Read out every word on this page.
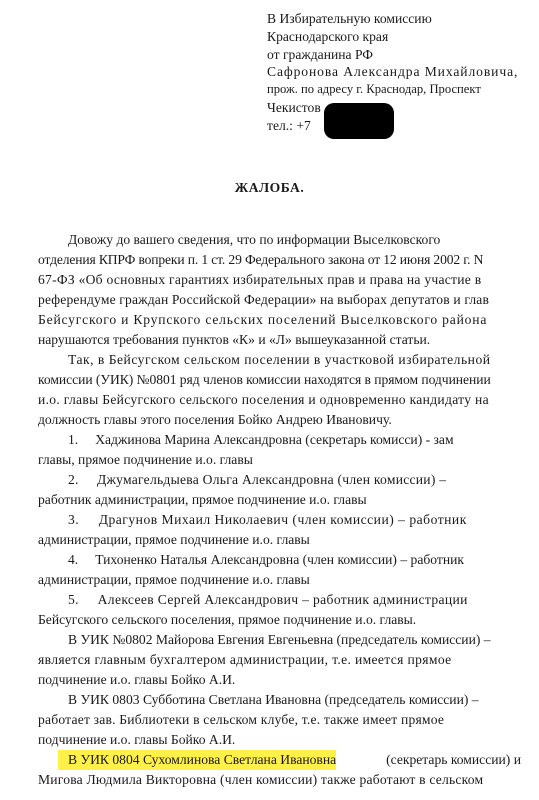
В Избирательную комиссию
Краснодарского края
от гражданина РФ
Сафронова Александра Михайловича,
прож. по адресу г. Краснодар, Проспект
Чекистов
тел.: +7
ЖАЛОБА.
Довожу до вашего сведения, что по информации Выселковского
отделения КПРФ вопреки п. 1 ст. 29 Федерального закона от 12 июня 2002 г. N
67-ФЗ «Об основных гарантиях избирательных прав и права на участие в
референдуме граждан Российской Федерации» на выборах депутатов и глав
Бейсугского и Крупского сельских поселений Выселковского района
нарушаются требования пунктов «К» и «Л» вышеуказанной статьи.
Так, в Бейсугском сельском поселении в участковой избирательной
комиссии (УИК) №0801 ряд членов комиссии находятся в прямом подчинении
и.о. главы Бейсугского сельского поселения и одновременно кандидату на
должность главы этого поселения Бойко Андрею Ивановичу.
1.     Хаджинова Марина Александровна (секретарь комисси) - зам
главы, прямое подчинение и.о. главы
2.     Джумагельдыева Ольга Александровна (член комиссии) –
работник администрации, прямое подчинение и.о. главы
3.     Драгунов Михаил Николаевич (член комиссии) – работник
администрации, прямое подчинение и.о. главы
4.     Тихоненко Наталья Александровна (член комиссии) – работник
администрации, прямое подчинение и.о. главы
5.     Алексеев Сергей Александрович – работник администрации
Бейсугского сельского поселения, прямое подчинение и.о. главы.
В УИК №0802 Майорова Евгения Евгеньевна (председатель комиссии) –
является главным бухгалтером администрации, т.е. имеется прямое
подчинение и.о. главы Бойко А.И.
В УИК 0803 Субботина Светлана Ивановна (председатель комиссии) –
работает зав. Библиотеки в сельском клубе, т.е. также имеет прямое
подчинение и.о. главы Бойко А.И.
В УИК 0804 Сухомлинова Светлана Ивановна	(секретарь комиссии) и
Мигова Людмила Викторовна (член комиссии) также работают в сельском
